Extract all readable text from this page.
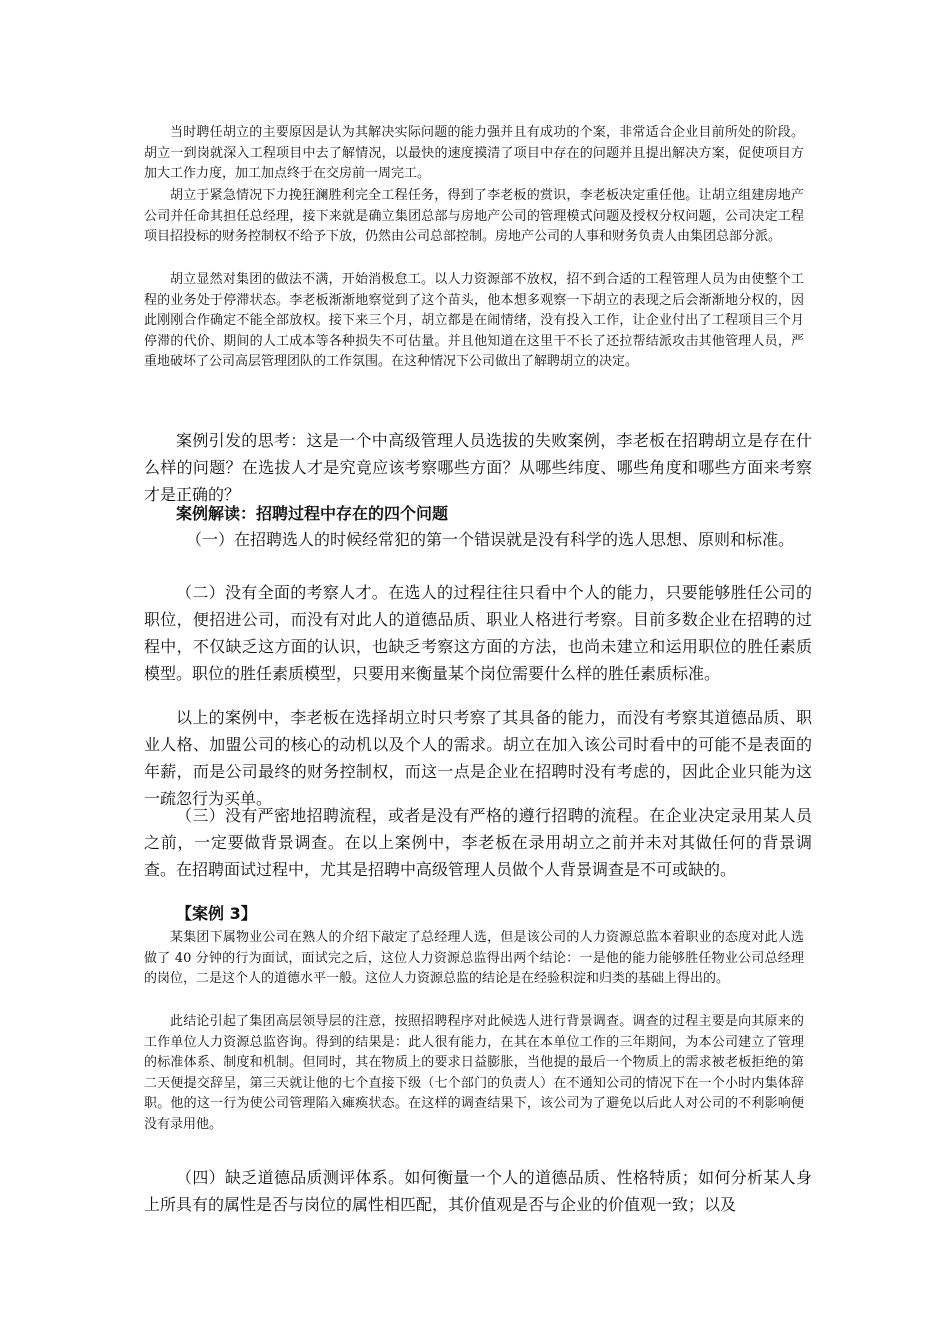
当时聘任胡立的主要原因是认为其解决实际问题的能力强并且有成功的个案，非常适合企业目前所处的阶段。胡立一到岗就深入工程项目中去了解情况，以最快的速度摸清了项目中存在的问题并且提出解决方案，促使项目方加大工作力度，加工加点终于在交房前一周完工。

胡立于紧急情况下力挽狂澜胜利完全工程任务，得到了李老板的赏识，李老板决定重任他。让胡立组建房地产公司并任命其担任总经理，接下来就是确立集团总部与房地产公司的管理模式问题及授权分权问题，公司决定工程项目招投标的财务控制权不给予下放，仍然由公司总部控制。房地产公司的人事和财务负责人由集团总部分派。

胡立显然对集团的做法不满，开始消极怠工。以人力资源部不放权，招不到合适的工程管理人员为由使整个工程的业务处于停滞状态。李老板渐渐地察觉到了这个苗头，他本想多观察一下胡立的表现之后会渐渐地分权的，因此刚刚合作确定不能全部放权。接下来三个月，胡立都是在闹情绪，没有投入工作，让企业付出了工程项目三个月停滞的代价、期间的人工成本等各种损失不可估量。并且他知道在这里干不长了还拉帮结派攻击其他管理人员，严重地破坏了公司高层管理团队的工作氛围。在这种情况下公司做出了解聘胡立的决定。

案例引发的思考：这是一个中高级管理人员选拔的失败案例，李老板在招聘胡立是存在什么样的问题？在选拔人才是究竟应该考察哪些方面？从哪些纬度、哪些角度和哪些方面来考察才是正确的？

案例解读：招聘过程中存在的四个问题

（一）在招聘选人的时候经常犯的第一个错误就是没有科学的选人思想、原则和标准。

（二）没有全面的考察人才。在选人的过程往往只看中个人的能力，只要能够胜任公司的职位，便招进公司，而没有对此人的道德品质、职业人格进行考察。目前多数企业在招聘的过程中，不仅缺乏这方面的认识，也缺乏考察这方面的方法，也尚未建立和运用职位的胜任素质模型。职位的胜任素质模型，只要用来衡量某个岗位需要什么样的胜任素质标准。

以上的案例中，李老板在选择胡立时只考察了其具备的能力，而没有考察其道德品质、职业人格、加盟公司的核心的动机以及个人的需求。胡立在加入该公司时看中的可能不是表面的年薪，而是公司最终的财务控制权，而这一点是企业在招聘时没有考虑的，因此企业只能为这一疏忽行为买单。

（三）没有严密地招聘流程，或者是没有严格的遵行招聘的流程。在企业决定录用某人员之前，一定要做背景调查。在以上案例中，李老板在录用胡立之前并未对其做任何的背景调查。在招聘面试过程中，尤其是招聘中高级管理人员做个人背景调查是不可或缺的。

【案例 3】

某集团下属物业公司在熟人的介绍下敲定了总经理人选，但是该公司的人力资源总监本着职业的态度对此人选做了 40 分钟的行为面试，面试完之后，这位人力资源总监得出两个结论：一是他的能力能够胜任物业公司总经理的岗位，二是这个人的道德水平一般。这位人力资源总监的结论是在经验积淀和归类的基础上得出的。

此结论引起了集团高层领导层的注意，按照招聘程序对此候选人进行背景调查。调查的过程主要是向其原来的工作单位人力资源总监咨询。得到的结果是：此人很有能力，在其在本单位工作的三年期间，为本公司建立了管理的标准体系、制度和机制。但同时，其在物质上的要求日益膨胀，当他提的最后一个物质上的需求被老板拒绝的第二天便提交辞呈，第三天就让他的七个直接下级（七个部门的负责人）在不通知公司的情况下在一个小时内集体辞职。他的这一行为使公司管理陷入瘫痪状态。在这样的调查结果下，该公司为了避免以后此人对公司的不利影响便没有录用他。

（四）缺乏道德品质测评体系。如何衡量一个人的道德品质、性格特质；如何分析某人身上所具有的属性是否与岗位的属性相匹配，其价值观是否与企业的价值观一致；以及
